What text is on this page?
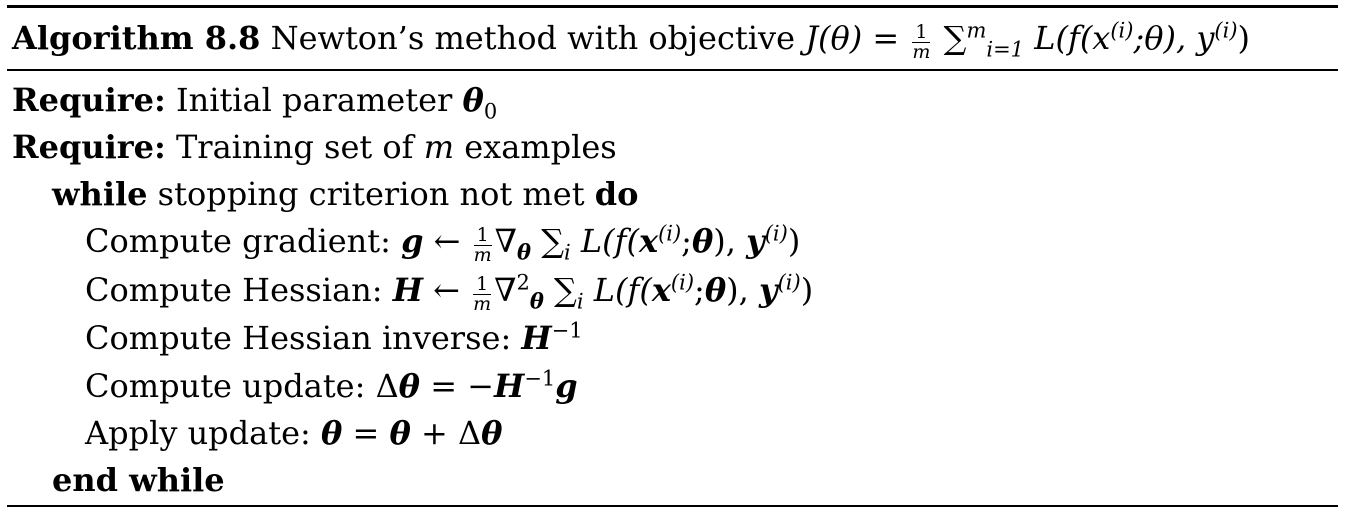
Algorithm 8.8 Newton’s method with objective $J(\theta) = \frac{1}{m} \sum^m_{i=1}$ $L(f(x^{(i)};\theta)$, $y^{(i)}$)
Require: Initial parameter $\theta_0$
Require: Training set of m examples
while stopping criterion not met do
Compute gradient: g ← $\frac{1}{m} \nabla_\theta$ $\sum_i$ $L(f(x^{(i)};\theta)$, $y^{(i)}$)
Compute Hessian: H ← $\frac{1}{m} \nabla^2_\theta$ $\sum_i$ $L(f(x^{(i)};\theta)$, $y^{(i)}$)
Compute Hessian inverse: $H^{-1}$
Compute update: $\Delta\theta = -H^{-1}g$
Apply update: θ = θ + Δθ
end while
